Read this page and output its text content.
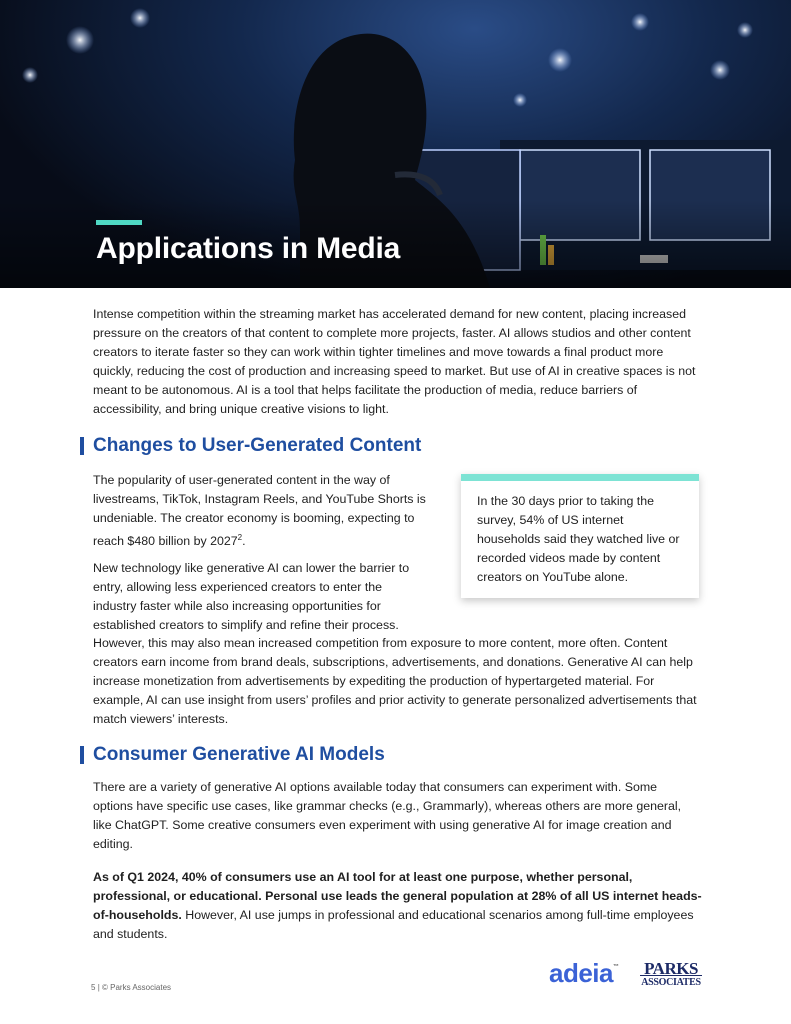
Applications in Media

Intense competition within the streaming market has accelerated demand for new content, placing increased pressure on the creators of that content to complete more projects, faster. AI allows studios and other content creators to iterate faster so they can work within tighter timelines and move towards a final product more quickly, reducing the cost of production and increasing speed to market. But use of AI in creative spaces is not meant to be autonomous. AI is a tool that helps facilitate the production of media, reduce barriers of accessibility, and bring unique creative visions to light.

Changes to User-Generated Content

The popularity of user-generated content in the way of livestreams, TikTok, Instagram Reels, and YouTube Shorts is undeniable. The creator economy is booming, expecting to reach $480 billion by 2027$^2$.

New technology like generative AI can lower the barrier to entry, allowing less experienced creators to enter the industry faster while also increasing opportunities for established creators to simplify and refine their process.

However, this may also mean increased competition from exposure to more content, more often. Content creators earn income from brand deals, subscriptions, advertisements, and donations. Generative AI can help increase monetization from advertisements by expediting the production of hypertargeted material. For example, AI can use insight from users’ profiles and prior activity to generate personalized advertisements that match viewers’ interests.

In the 30 days prior to taking the survey, 54% of US internet households said they watched live or recorded videos made by content creators on YouTube alone.
Consumer Generative AI Models

There are a variety of generative AI options available today that consumers can experiment with. Some options have specific use cases, like grammar checks (e.g., Grammarly), whereas others are more general, like ChatGPT. Some creative consumers even experiment with using generative AI for image creation and editing.

As of Q1 2024, 40% of consumers use an AI tool for at least one purpose, whether personal, professional, or educational. Personal use leads the general population at 28% of all US internet heads-of-households. However, AI use jumps in professional and educational scenarios among full-time employees and students.

5 | © Parks Associates	adeia™ PARKS
ASSOCIATES
